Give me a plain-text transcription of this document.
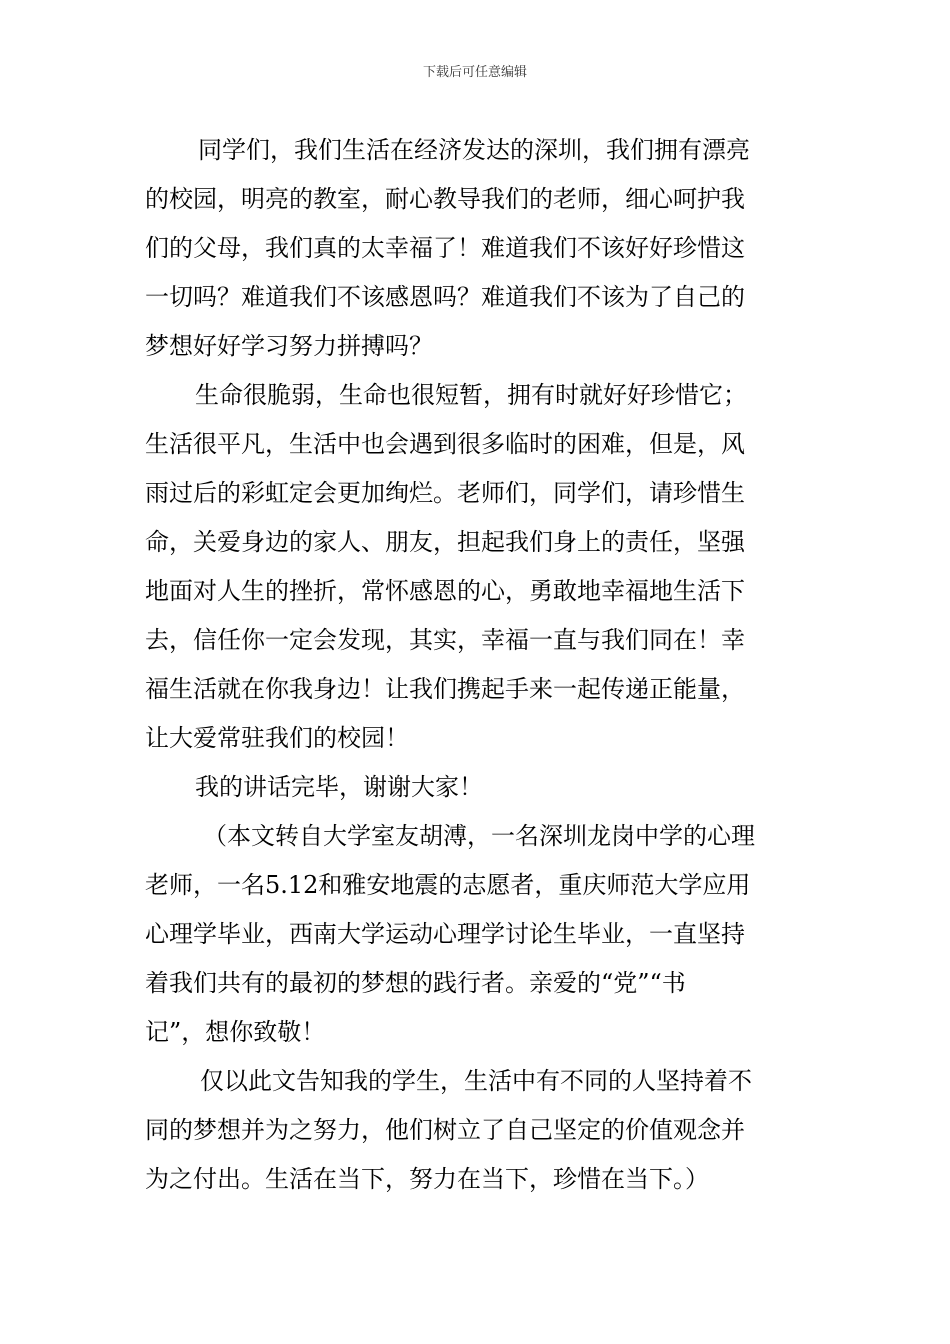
下载后可任意编辑
同学们，我们生活在经济发达的深圳，我们拥有漂亮
的校园，明亮的教室，耐心教导我们的老师，细心呵护我
们的父母，我们真的太幸福了！难道我们不该好好珍惜这
一切吗？难道我们不该感恩吗？难道我们不该为了自己的
梦想好好学习努力拼搏吗？
生命很脆弱，生命也很短暂，拥有时就好好珍惜它；
生活很平凡，生活中也会遇到很多临时的困难，但是，风
雨过后的彩虹定会更加绚烂。老师们，同学们，请珍惜生
命，关爱身边的家人、朋友，担起我们身上的责任，坚强
地面对人生的挫折，常怀感恩的心，勇敢地幸福地生活下
去，信任你一定会发现，其实，幸福一直与我们同在！幸
福生活就在你我身边！让我们携起手来一起传递正能量，
让大爱常驻我们的校园！
我的讲话完毕，谢谢大家！
（本文转自大学室友胡溥，一名深圳龙岗中学的心理
老师，一名5.12和雅安地震的志愿者，重庆师范大学应用
心理学毕业，西南大学运动心理学讨论生毕业，一直坚持
着我们共有的最初的梦想的践行者。亲爱的“党”“书
记”，想你致敬！
仅以此文告知我的学生，生活中有不同的人坚持着不
同的梦想并为之努力，他们树立了自己坚定的价值观念并
为之付出。生活在当下，努力在当下，珍惜在当下。）
